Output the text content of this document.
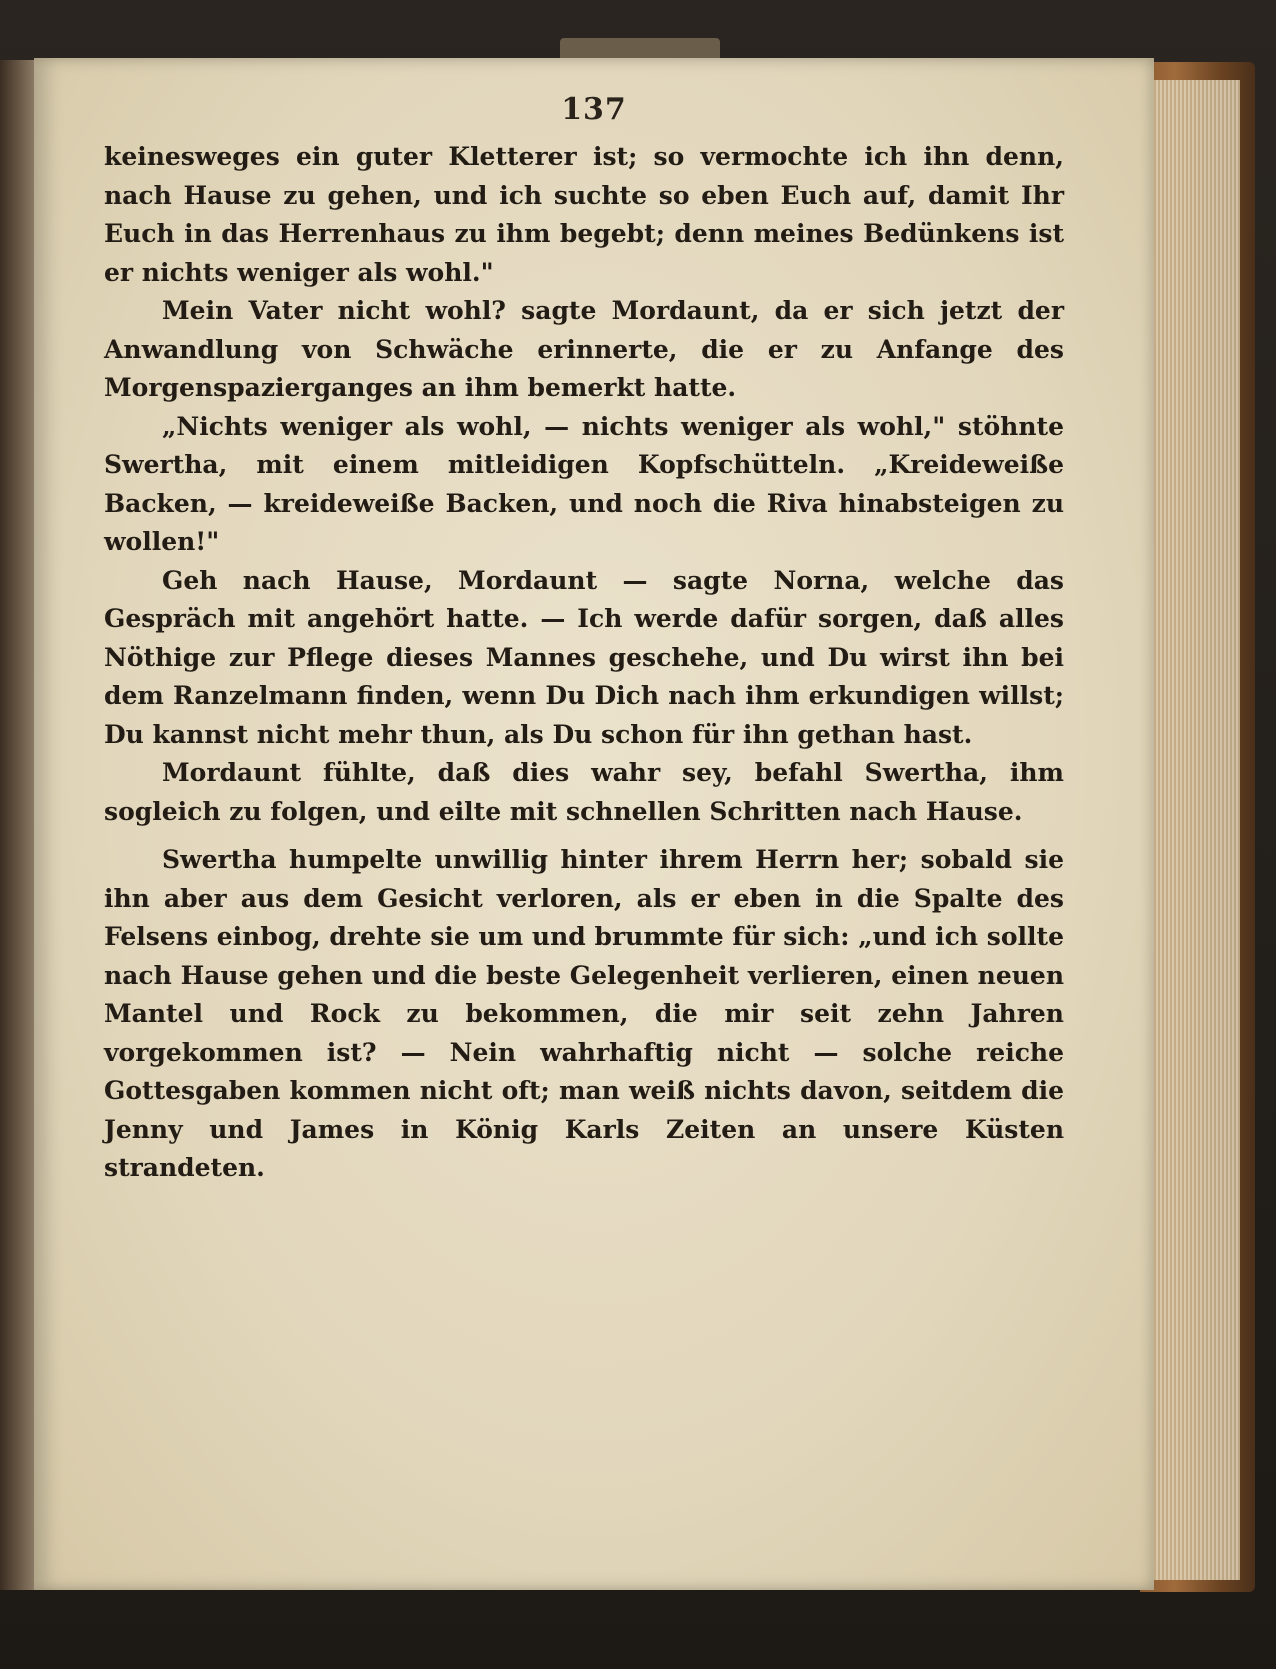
137

keinesweges ein guter Kletterer ist; so vermochte ich ihn denn, nach Hause zu gehen, und ich suchte so eben Euch auf, damit Ihr Euch in das Herrenhaus zu ihm begebt; denn meines Bedünkens ist er nichts weniger als wohl."

Mein Vater nicht wohl? sagte Mordaunt, da er sich jetzt der Anwandlung von Schwäche erinnerte, die er zu Anfange des Morgenspazierganges an ihm bemerkt hatte.

„Nichts weniger als wohl, — nichts weniger als wohl," stöhnte Swertha, mit einem mitleidigen Kopfschütteln. „Kreideweiße Backen, — kreideweiße Backen, und noch die Riva hinabsteigen zu wollen!"

Geh nach Hause, Mordaunt — sagte Norna, welche das Gespräch mit angehört hatte. — Ich werde dafür sorgen, daß alles Nöthige zur Pflege dieses Mannes geschehe, und Du wirst ihn bei dem Ranzelmann finden, wenn Du Dich nach ihm erkundigen willst; Du kannst nicht mehr thun, als Du schon für ihn gethan hast.

Mordaunt fühlte, daß dies wahr sey, befahl Swertha, ihm sogleich zu folgen, und eilte mit schnellen Schritten nach Hause.

Swertha humpelte unwillig hinter ihrem Herrn her; sobald sie ihn aber aus dem Gesicht verloren, als er eben in die Spalte des Felsens einbog, drehte sie um und brummte für sich: „und ich sollte nach Hause gehen und die beste Gelegenheit verlieren, einen neuen Mantel und Rock zu bekommen, die mir seit zehn Jahren vorgekommen ist? — Nein wahrhaftig nicht — solche reiche Gottesgaben kommen nicht oft; man weiß nichts davon, seitdem die Jenny und James in König Karls Zeiten an unsere Küsten strandeten.
